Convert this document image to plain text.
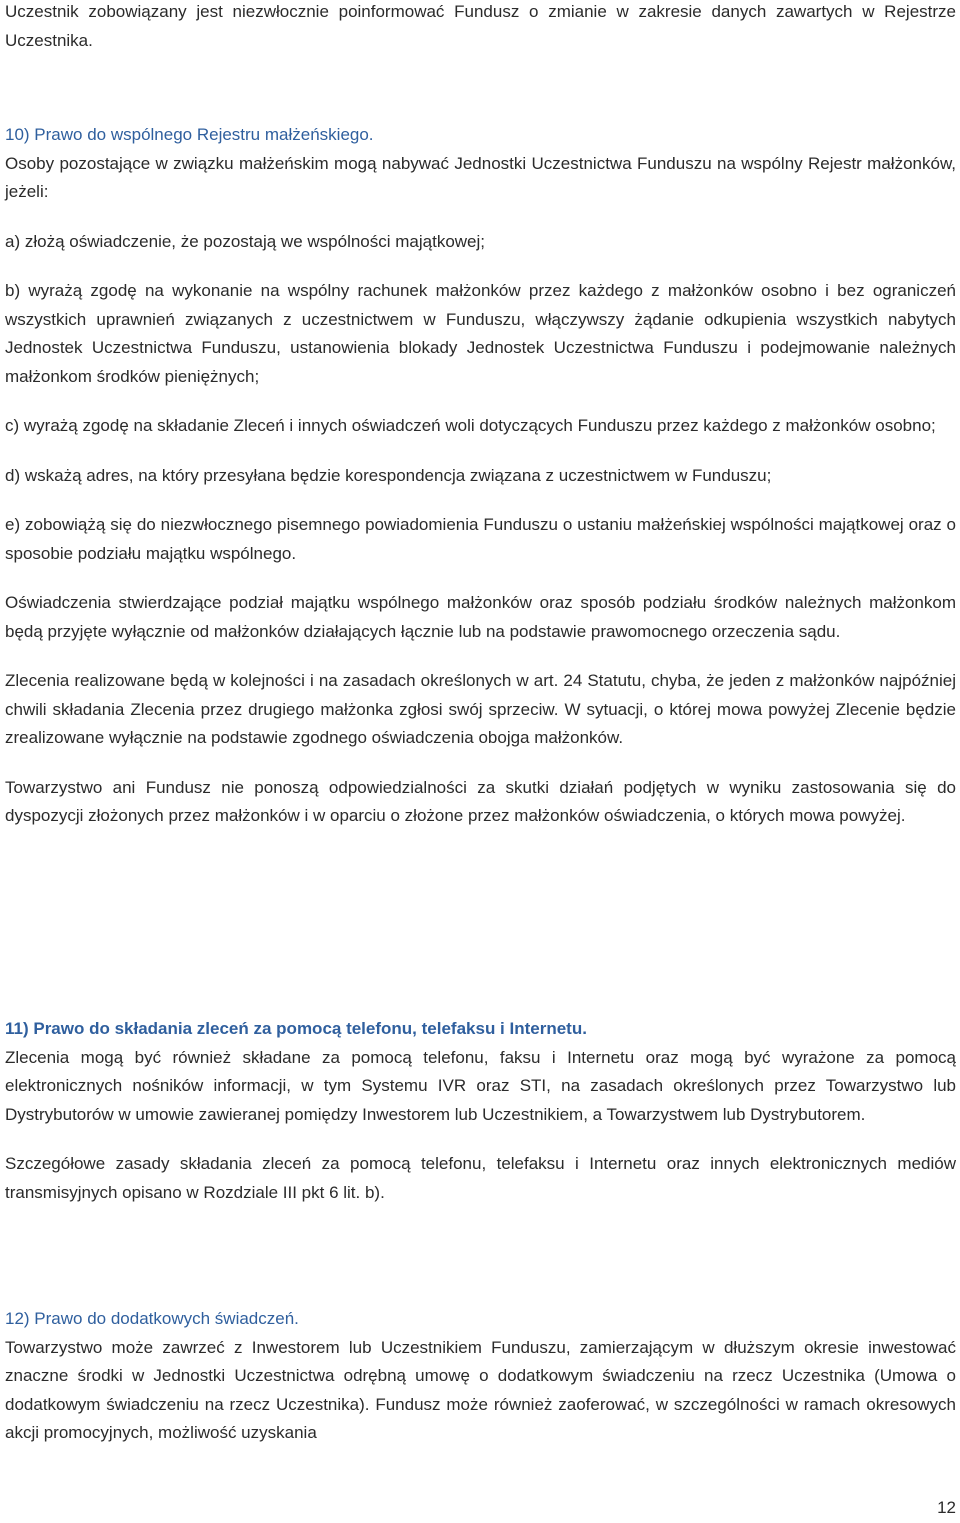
Uczestnik zobowiązany jest niezwłocznie poinformować Fundusz o zmianie w zakresie danych zawartych w Rejestrze Uczestnika.

10) Prawo do wspólnego Rejestru małżeńskiego.

Osoby pozostające w związku małżeńskim mogą nabywać Jednostki Uczestnictwa Funduszu na wspólny Rejestr małżonków, jeżeli:

a) złożą oświadczenie, że pozostają we wspólności majątkowej;

b) wyrażą zgodę na wykonanie na wspólny rachunek małżonków przez każdego z małżonków osobno i bez ograniczeń wszystkich uprawnień związanych z uczestnictwem w Funduszu, włączywszy żądanie odkupienia wszystkich nabytych Jednostek Uczestnictwa Funduszu, ustanowienia blokady Jednostek Uczestnictwa Funduszu i podejmowanie należnych małżonkom środków pieniężnych;

c) wyrażą zgodę na składanie Zleceń i innych oświadczeń woli dotyczących Funduszu przez każdego z małżonków osobno;

d) wskażą adres, na który przesyłana będzie korespondencja związana z uczestnictwem w Funduszu;

e) zobowiążą się do niezwłocznego pisemnego powiadomienia Funduszu o ustaniu małżeńskiej wspólności majątkowej oraz o sposobie podziału majątku wspólnego.

Oświadczenia stwierdzające podział majątku wspólnego małżonków oraz sposób podziału środków należnych małżonkom będą przyjęte wyłącznie od małżonków działających łącznie lub na podstawie prawomocnego orzeczenia sądu.

Zlecenia realizowane będą w kolejności i na zasadach określonych w art. 24 Statutu, chyba, że jeden z małżonków najpóźniej chwili składania Zlecenia przez drugiego małżonka zgłosi swój sprzeciw. W sytuacji, o której mowa powyżej Zlecenie będzie zrealizowane wyłącznie na podstawie zgodnego oświadczenia obojga małżonków.

Towarzystwo ani Fundusz nie ponoszą odpowiedzialności za skutki działań podjętych w wyniku zastosowania się do dyspozycji złożonych przez małżonków i w oparciu o złożone przez małżonków oświadczenia, o których mowa powyżej.

11) Prawo do składania zleceń za pomocą telefonu, telefaksu i Internetu.

Zlecenia mogą być również składane za pomocą telefonu, faksu i Internetu oraz mogą być wyrażone za pomocą elektronicznych nośników informacji, w tym Systemu IVR oraz STI, na zasadach określonych przez Towarzystwo lub Dystrybutorów w umowie zawieranej pomiędzy Inwestorem lub Uczestnikiem, a Towarzystwem lub Dystrybutorem.

Szczegółowe zasady składania zleceń za pomocą telefonu, telefaksu i Internetu oraz innych elektronicznych mediów transmisyjnych opisano w Rozdziale III pkt 6 lit. b).

12) Prawo do dodatkowych świadczeń.

Towarzystwo może zawrzeć z Inwestorem lub Uczestnikiem Funduszu, zamierzającym w dłuższym okresie inwestować znaczne środki w Jednostki Uczestnictwa odrębną umowę o dodatkowym świadczeniu na rzecz Uczestnika (Umowa o dodatkowym świadczeniu na rzecz Uczestnika). Fundusz może również zaoferować, w szczególności w ramach okresowych akcji promocyjnych, możliwość uzyskania

12
